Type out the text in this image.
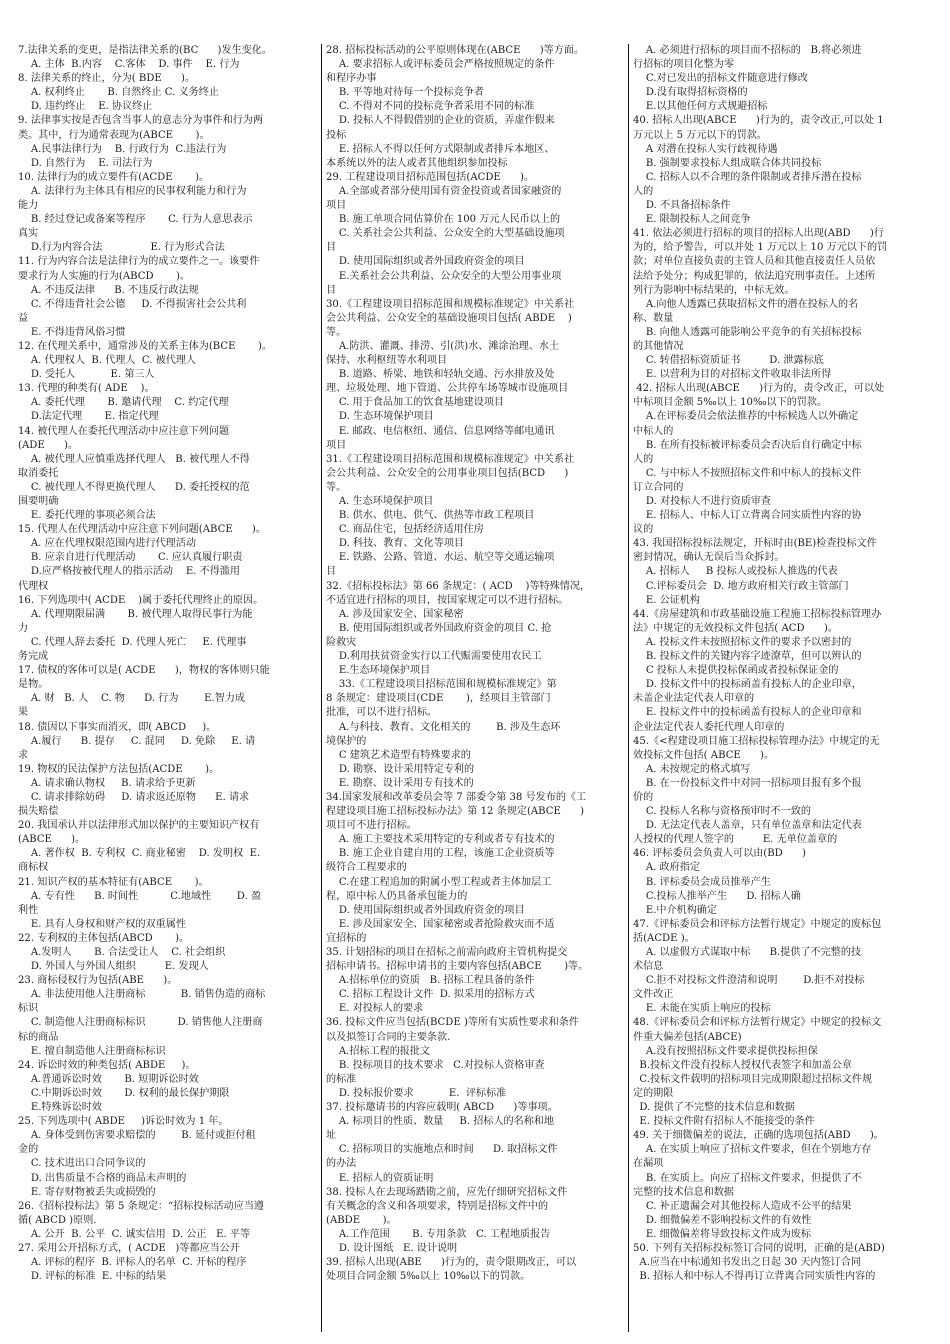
7.法律关系的变更，是指法律关系的(BC      )发生变化。
A. 主体  B.内容    C.客体    D. 事件    E. 行为
8. 法律关系的终止，分为( BDE      )。
A. 权利终止       B. 自然终止 C. 义务终止
D. 违约终止    E. 协议终止
9. 法律事实按是否包含当事人的意志分为事件和行为两
类。其中，行为通常表现为(ABCE       )。
A.民事法律行为    B. 行政行为  C.违法行为
D. 自然行为    E. 司法行为
10. 法律行为的成立要件有(ACDE       )。
A. 法律行为主体具有相应的民事权利能力和行为
能力
B. 经过登记或备案等程序       C. 行为人意思表示
真实
D.行为内容合法               E. 行为形式合法
11. 行为内容合法是法律行为的成立要件之一。该要件
要求行为人实施的行为(ABCD       )。
A. 不违反法律      B. 不违反行政法规
C. 不得违背社会公德     D. 不得损害社会公共利
益
E. 不得违背风俗习惯
12. 在代理关系中，通常涉及的关系主体为(BCE       )。
A. 代理权人  B. 代理人  C. 被代理人
D. 受托人           E. 第三人
13. 代理的种类有( ADE    )。
A. 委托代理       B. 邀请代理    C. 约定代理
D.法定代理       E. 指定代理
14. 被代理人在委托代理活动中应注意下列问题
(ADE      )。
A. 被代理人应慎重选择代理人   B. 被代理人不得
取消委托
C. 被代理人不得更换代理人      D. 委托授权的范
围要明确
E. 委托代理的事项必须合法
15. 代理人在代理活动中应注意下列问题(ABCE      )。
A. 应在代理权限范围内进行代理活动
B. 应亲自进行代理活动       C. 应认真履行职责
D.应严格按被代理人的指示活动    E. 不得滥用
代理权
16. 下列选项中( ACDE    )属于委托代理终止的原因。
A. 代理期限届满       B. 被代理人取得民事行为能
力
C. 代理人辞去委托  D. 代理人死亡     E. 代理事
务完成
17. 债权的客体可以是( ACDE      )，物权的客体则只能
是物。
A. 财   B. 人    C. 物      D. 行为        E.智力成
果
18. 债因以下事实而消灭，即( ABCD     )。
A.履行      B. 提存     C. 混同     D. 免除     E. 请
求
19. 物权的民法保护方法包括(ACDE       )。
A. 请求确认物权     B. 请求给予更新
C. 请求排除妨碍     D. 请求返还原物      E. 请求
损失赔偿
20. 我国承认并以法律形式加以保护的主要知识产权有
(ABCE      )。
A. 著作权  B. 专利权  C. 商业秘密    D. 发明权  E.
商标权
21. 知识产权的基本特征有(ABCE       )。
A. 专有性      B. 时间性          C.地域性        D. 盈
利性
E. 具有人身权和财产权的双重属性
22. 专利权的主体包括(ABCD       )。
A.发明人       B. 合法受让人    C. 社会组织
D. 外国人与外国人组织         E. 发现人
23. 商标侵权行为包括(ABE      )。
A. 非法使用他人注册商标           B. 销售伪造的商标
标识
C. 制造他人注册商标标识          D. 销售他人注册商
标的商品
E. 擅自制造他人注册商标标识
24. 诉讼时效的种类包括( ABDE     )。
A.普通诉讼时效       B. 短期诉讼时效
C.中期诉讼时效       D. 权利的最长保护期限
E.特殊诉讼时效
25. 下列选项中( ABDE     )诉讼时效为 1 年。
A. 身体受到伤害要求赔偿的        B. 延付或拒付租
金的
C. 技术进出口合同争议的
D. 出售质量不合格的商品未声明的
E. 寄存财物被丢失或损毁的
26.《招标投标法》第 5 条规定：“招标投标活动应当遵
循( ABCD )原则.
A. 公开  B. 公平  C. 诚实信用  D. 公正   E. 平等
27. 采用公开招标方式，( ACDE   )等都应当公开
A. 评标的程序  B. 评标人的名单  C. 开标的程序
D. 评标的标准  E. 中标的结果
28. 招标投标活动的公平原则体现在(ABCE      )等方面。
A. 要求招标人或评标委员会严格按照规定的条件
和程序办事
B. 平等地对待每一个投标竞争者
C. 不得对不同的投标竞争者采用不同的标准
D. 投标人不得假借别的企业的资质，弄虚作假来
投标
E. 招标人不得以任何方式限制或者排斥本地区、
本系统以外的法人或者其他组织参加投标
29. 工程建设项目招标范围包括(ACDE      )。
A.全部或者部分使用国有资金投资或者国家融资的
项目
B. 施工单项合同估算价在 100 万元人民币以上的
C. 关系社会公共利益、公众安全的大型基础设施项
目
D. 使用国际组织或者外国政府资金的项目
E.关系社会公共利益、公众安全的大型公用事业项
目
30.《工程建设项目招标范围和规模标准规定》中关系社
会公共利益、公众安全的基础设施项目包括( ABDE    )
等。
A.防洪、灌溉、排涝、引(洪)水、滩涂治理、水土
保持、水利枢纽等水利项目
B. 道路、桥梁、地铁和轻轨交通、污水排放及处
理、垃圾处理、地下管道、公共停车场等城市设施项目
C. 用于食品加工的饮食基地建设项目
D. 生态环境保护项目
E. 邮政、电信枢纽、通信、信息网络等邮电通讯
项目
31.《工程建设项目招标范围和规模标准规定》中关系社
会公共利益、公众安全的公用事业项目包括(BCD      )
等。
A. 生态环境保护项目
B. 供水、供电、供气、供热等市政工程项目
C. 商品住宅，包括经济适用住房
D. 科技、教育、文化等项目
E. 铁路、公路、管道、水运、航空等交通运输项
目
32.《招标投标法》第 66 条规定：( ACD    )等特殊情况，
不适宜进行招标的项目，按国家规定可以不进行招标。
A. 涉及国家安全、国家秘密
B. 使用国际组织或者外国政府资金的项目 C. 抢
险救灾
D.利用扶贫资金实行以工代赈需要使用农民工
E.生态环境保护项目
33.《工程建设项目招标范围和规模标准规定》第
8 条规定：建设项目(CDE       )，经项目主管部门
批准，可以不进行招标。
A.与科技、教育、文化相关的        B. 涉及生态环
境保护的
C 建筑艺术造型有特殊要求的
D. 勘察、设计采用特定专利的
E. 勘察、设计采用专有技术的
34.国家发展和改革委员会等 7 部委令第 38 号发布的《工
程建设项目施工招标投标办法》第 12 条规定(ABCE      )
项目可不进行招标。
A. 施工主要技术采用特定的专利或者专有技术的
B. 施工企业自建自用的工程，该施工企业资质等
级符合工程要求的
C.在建工程追加的附属小型工程或者主体加层工
程，原中标人仍具备承包能力的
D. 使用国际组织或者外国政府资金的项目
E. 涉及国家安全、国家秘密或者抢险救灾而不适
宜招标的
35. 计划招标的项目在招标之前需向政府主管机构提交
招标申请书。招标申请书的主要内容包括(ABCE       )等。
A.招标单位的资质   B. 招标工程具备的条件
C. 招标工程设计文件  D. 拟采用的招标方式
E. 对投标人的要求
36. 投标文件应当包括(BCDE )等所有实质性要求和条件
以及拟签订合同的主要条款.
A.招标工程的报批文
B. 投标项目的技术要求   C.对投标人资格审查
的标准
D. 投标报价要求           E.  评标标准
37. 投标邀请书的内容应载明( ABCD      )等事项。
A. 标项目的性质、数量     B. 招标人的名称和地
址
C. 招标项目的实施地点和时间      D. 取招标文件
的办法
E. 招标人的资质证明
38. 投标人在去现场踏勘之前，应先仔细研究招标文件
有关概念的含义和各项要求，特别是招标文件中的
(ABDE       )。
A.工作范围       B. 专用条款   C. 工程地质报告
D. 设计图纸   E. 设计说明
39. 招标人出现(ABE      )行为的，责令限期改正，可以
处项目合同金额 5‰以上 10‰以下的罚款。
A. 必须进行招标的项目而不招标的   B.将必须进
行招标的项目化整为零
C.对已发出的招标文件随意进行修改
D.没有取得招标资格的
E.以其他任何方式规避招标
40. 招标人出现(ABCE      )行为的，责令改正,可以处 1
万元以上 5 万元以下的罚款。
A 对潜在投标人实行歧视待遇
B. 强制要求投标人组成联合体共同投标
C. 招标人以不合理的条件限制或者排斥潜在投标
人的
D. 不具备招标条件
E. 限制投标人之间竞争
41. 依法必须进行招标的项目的招标人出现(ABD      )行
为的，给予警告，可以并处 1 万元以上 10 万元以下的罚
款；对单位直接负责的主管人员和其他直接责任人员依
法给予处分；构成犯罪的，依法追究刑事责任。上述所
列行为影响中标结果的，中标无效。
A.向他人透露已获取招标文件的潜在投标人的名
称、数量
B. 向他人透露可能影响公平竞争的有关招标投标
的其他情况
C. 转借招标资质证书         D. 泄露标底
E. 以营利为目的对招标文件收取非法所得
42. 招标人出现(ABCE      )行为的，责令改正，可以处
中标项目金额 5‰以上 10‰以下的罚款。
A.在评标委员会依法推荐的中标候选人以外确定
中标人的
B. 在所有投标被评标委员会否决后自行确定中标
人的
C. 与中标人不按照招标文件和中标人的投标文件
订立合同的
D. 对投标人不进行资质审查
E. 招标人、中标人订立背离合同实质性内容的协
议的
43. 我国招标投标法规定，开标时由(BE)检查投标文件
密封情况，确认无误后当众拆封。
A. 招标人     B 投标人或投标人推选的代表
C.评标委员会  D. 地方政府相关行政主管部门
E. 公证机构
44.《房屋建筑和市政基础设施工程施工招标投标管理办
法》中规定的无效投标文件包括( ACD      )。
A. 投标文件未按照招标文件的要求予以密封的
B. 投标文件的关键内容字迹潦草，但可以辨认的
C 投标人未提供投标保函或者投标保证金的
D. 投标文件中的投标函盖有投标人的企业印章，
未盖企业法定代表人印章的
E. 投标文件中的投标函盖有投标人的企业印章和
企业法定代表人委托代理人印章的
45.《<程建设项目施工招标投标管理办法》中规定的无
效投标文件包括( ABCE      )。
A. 未按规定的格式填写
B. 在一份投标文件中对同一招标项目报有多个报
价的
C. 投标人名称与资格预审时不一致的
D. 无法定代表人盖章，只有单位盖章和法定代表
人授权的代理人签字的         E. 无单位盖章的
46. 评标委员会负责人可以由(BD      )
A. 政府指定
B. 评标委员会成员推举产生
C.投标人推举产生      D. 招标人确
E.中介机构确定
47.《评标委员会和评标方法暂行规定》中规定的废标包
括(ACDE )。
A. 以虚假方式谋取中标      B.提供了不完整的技
术信息
C.拒不对投标文件澄清和说明        D.拒不对投标
文件改正
E. 未能在实质上响应的投标
48.《评标委员会和评标方法暂行规定》中规定的投标文
件重大偏差包括(ABCE)
A.没有按照招标文件要求提供投标担保
B.投标文件没有投标人授权代表签字和加盖公章
C.投标文件载明的招标项目完成期限超过招标文件规
定的期限
D. 提供了不完整的技术信息和数据
E. 投标文件附有招标人不能接受的条件
49. 关于细微偏差的说法，正确的选项包括(ABD      )。
A. 在实质上响应了招标文件要求，但在个别地方存
在漏项
B. 在实质上。向应了招标文件要求，但提供了不
完整的技术信息和数据
C. 补正遗漏会对其他投标人造成不公平的结果
D. 细微偏差不影响投标文件的有效性
E. 细微偏差将导致投标文件成为废标
50. 下列有关招标投标签订合同的说明，正确的是(ABD)
A.应当在中标通知书发出之日起 30 天内签订合同
B. 招标人和中标人不得再订立背离合同实质性内容的
